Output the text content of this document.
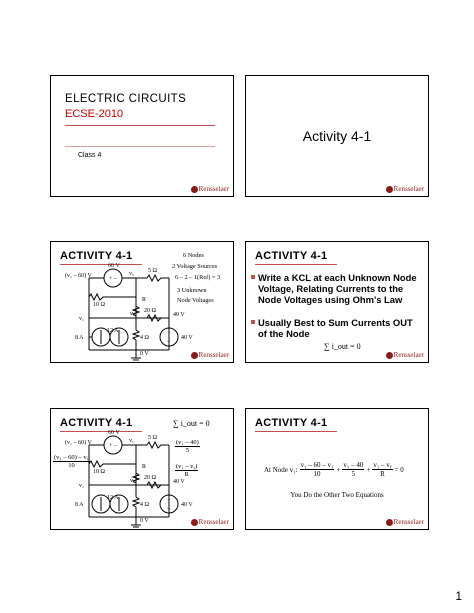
ELECTRIC CIRCUITS
ECSE-2010
Class 4
Rensselaer
Activity 4-1
Rensselaer
ACTIVITY 4-1	6 Nodes
2 Voltage Sources
6 – 2 – 1(Ref) = 3
3 Unknown
Node Voltages
+ –
+
–
(v₁ – 60) V
60 V
vₓ 5 Ω
10 Ω
R
20 Ω
v₁
vᵧ	40 V
8 A
12 A
4 Ω	40 V
0 V	Rensselaer
ACTIVITY 4-1
Write a KCL at each Unknown Node Voltage, Relating Currents to the Node Voltages using Ohm's Law
Usually Best to Sum Currents OUT of the Node
∑ i_out = 0
Rensselaer
ACTIVITY 4-1	∑ i_out = 0
$\frac{\text{(v₁ – 40)}}{5}$
$\frac{\text{(v₁ – vᵧ)}}{R}$
$\frac{\text{(v₁ – 60) – v₁}}{10}$
+ –
+
–
(v₁ – 60) V
60 V
vₓ 5 Ω
10 Ω
R
20 Ω
v₁
vᵧ	40 V
8 A
12 A
4 Ω	40 V
0 V	Rensselaer
ACTIVITY 4-1
At Node v₁: $\frac{\text{v₁ – 60 – v₁}}{10} + \frac{\text{v₁ – 40}}{5} + \frac{\text{v₁ – vᵧ}}{R} = 0$
You Do the Other Two Equations
Rensselaer
1
